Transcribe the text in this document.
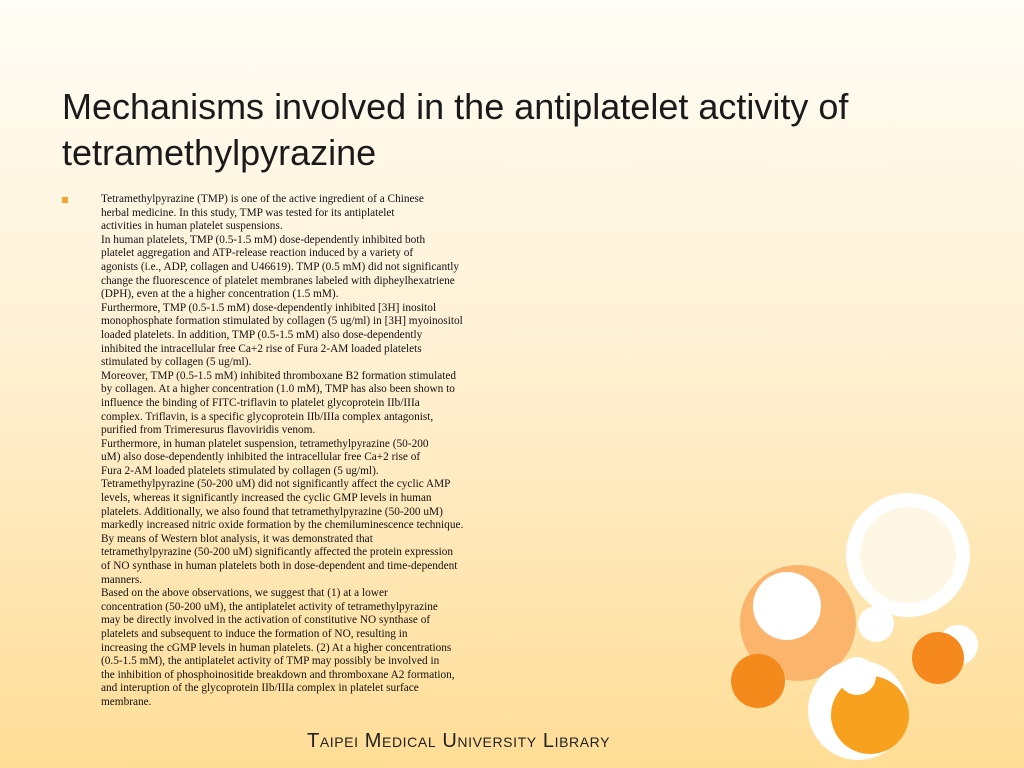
Mechanisms involved in the antiplatelet activity of
tetramethylpyrazine

Tetramethylpyrazine (TMP) is one of the active ingredient of a Chinese
herbal medicine. In this study, TMP was tested for its antiplatelet
activities in human platelet suspensions.
In human platelets, TMP (0.5-1.5 mM) dose-dependently inhibited both
platelet aggregation and ATP-release reaction induced by a variety of
agonists (i.e., ADP, collagen and U46619). TMP (0.5 mM) did not significantly
change the fluorescence of platelet membranes labeled with dipheylhexatriene
(DPH), even at the a higher concentration (1.5 mM).
Furthermore, TMP (0.5-1.5 mM) dose-dependently inhibited [3H] inositol
monophosphate formation stimulated by collagen (5 ug/ml) in [3H] myoinositol
loaded platelets. In addition, TMP (0.5-1.5 mM) also dose-dependently
inhibited the intracellular free Ca+2 rise of Fura 2-AM loaded platelets
stimulated by collagen (5 ug/ml).
Moreover, TMP (0.5-1.5 mM) inhibited thromboxane B2 formation stimulated
by collagen. At a higher concentration (1.0 mM), TMP has also been shown to
influence the binding of FITC-triflavin to platelet glycoprotein IIb/IIIa
complex. Triflavin, is a specific glycoprotein IIb/IIIa complex antagonist,
purified from Trimeresurus flavoviridis venom.
Furthermore, in human platelet suspension, tetramethylpyrazine (50-200
uM) also dose-dependently inhibited the intracellular free Ca+2 rise of
Fura 2-AM loaded platelets stimulated by collagen (5 ug/ml).
Tetramethylpyrazine (50-200 uM) did not significantly affect the cyclic AMP
levels, whereas it significantly increased the cyclic GMP levels in human
platelets. Additionally, we also found that tetramethylpyrazine (50-200 uM)
markedly increased nitric oxide formation by the chemiluminescence technique.
By means of Western blot analysis, it was demonstrated that
tetramethylpyrazine (50-200 uM) significantly affected the protein expression
of NO synthase in human platelets both in dose-dependent and time-dependent
manners.
Based on the above observations, we suggest that (1) at a lower
concentration (50-200 uM), the antiplatelet activity of tetramethylpyrazine
may be directly involved in the activation of constitutive NO synthase of
platelets and subsequent to induce the formation of NO, resulting in
increasing the cGMP levels in human platelets. (2) At a higher concentrations
(0.5-1.5 mM), the antiplatelet activity of TMP may possibly be involved in
the inhibition of phosphoinositide breakdown and thromboxane A2 formation,
and interuption of the glycoprotein IIb/IIIa complex in platelet surface
membrane.

Taipei Medical University Library
